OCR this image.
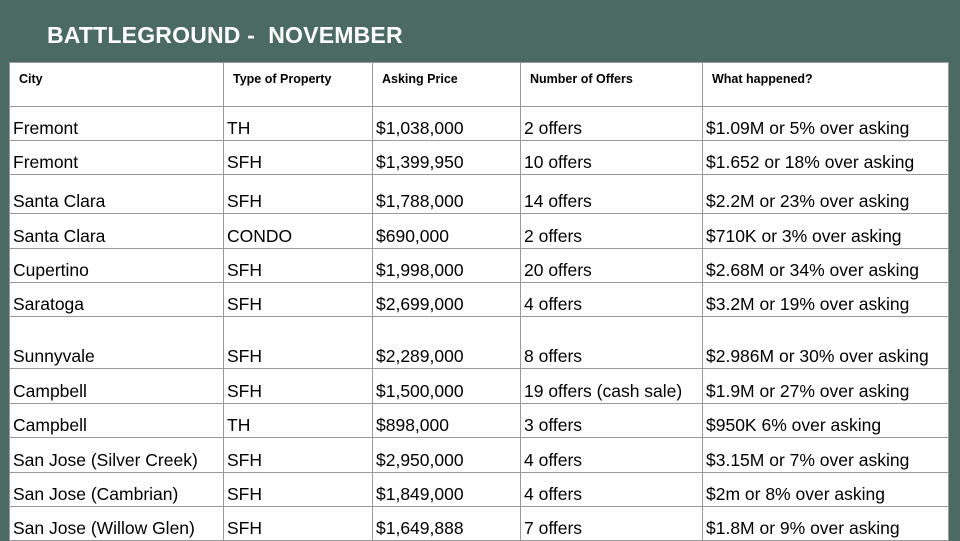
BATTLEGROUND -  NOVEMBER
City	Type of Property	Asking Price	Number of Offers	What happened?
Fremont	TH	$1,038,000	2 offers	$1.09M or 5% over asking
Fremont	SFH	$1,399,950	10 offers	$1.652 or 18% over asking
Santa Clara	SFH	$1,788,000	14 offers	$2.2M or 23% over asking
Santa Clara	CONDO	$690,000	2 offers	$710K or 3% over asking
Cupertino	SFH	$1,998,000	20 offers	$2.68M or 34% over asking
Saratoga	SFH	$2,699,000	4 offers	$3.2M or 19% over asking
Sunnyvale	SFH	$2,289,000	8 offers	$2.986M or 30% over asking
Campbell	SFH	$1,500,000	19 offers (cash sale)	$1.9M or 27% over asking
Campbell	TH	$898,000	3 offers	$950K 6% over asking
San Jose (Silver Creek)	SFH	$2,950,000	4 offers	$3.15M or 7% over asking
San Jose (Cambrian)	SFH	$1,849,000	4 offers	$2m or 8% over asking
San Jose (Willow Glen)	SFH	$1,649,888	7 offers	$1.8M or 9% over asking
